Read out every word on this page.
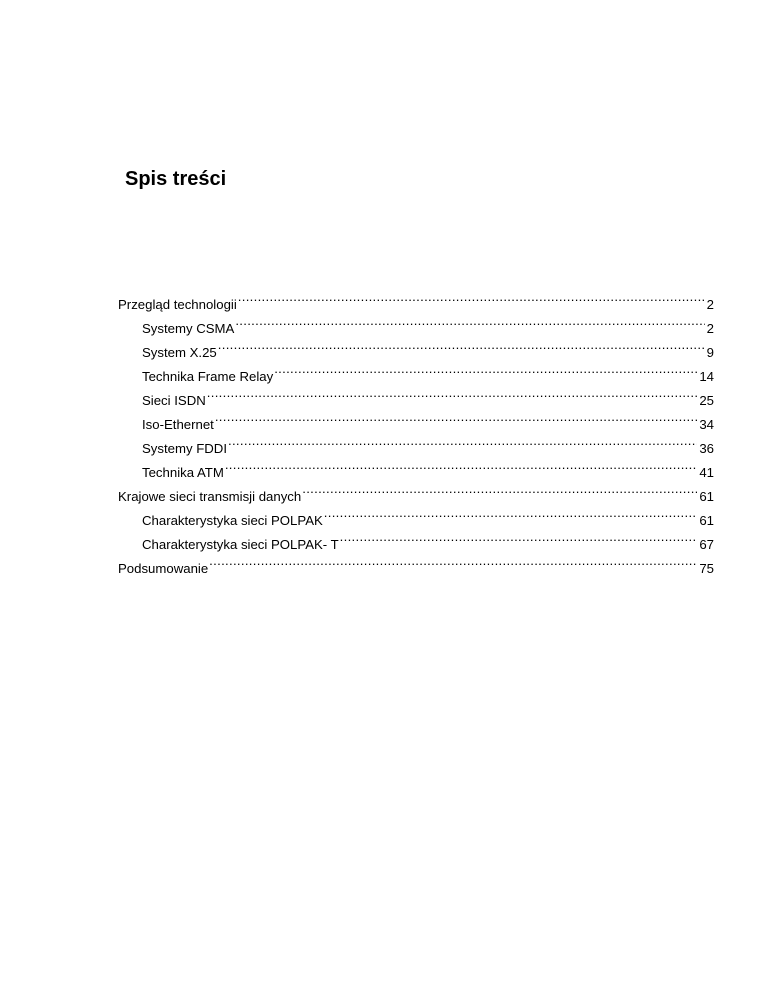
Spis treści
Przegląd technologii .....	2
Systemy CSMA .....	2
System X.25 .....	9
Technika Frame Relay .....	14
Sieci ISDN .....	25
Iso-Ethernet .....	34
Systemy FDDI .....	36
Technika ATM .....	41
Krajowe sieci transmisji danych .....	61
Charakterystyka sieci POLPAK .....	61
Charakterystyka sieci POLPAK- T .....	67
Podsumowanie .....	75
